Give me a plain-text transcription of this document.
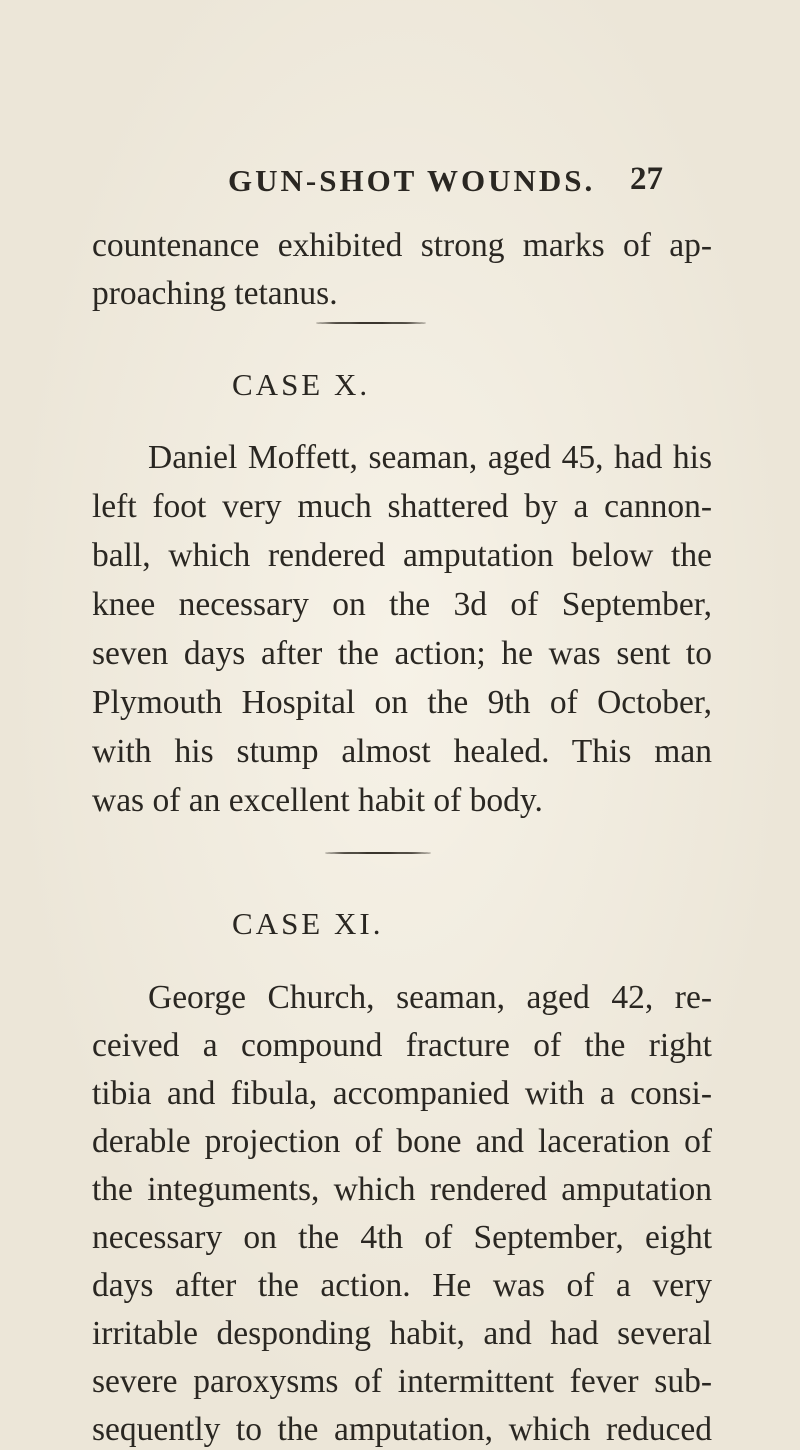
GUN-SHOT WOUNDS. 27
countenance exhibited strong marks of ap-
proaching tetanus.
CASE X.
Daniel Moffett, seaman, aged 45, had his
left foot very much shattered by a cannon-
ball, which rendered amputation below the
knee necessary on the 3d of September,
seven days after the action; he was sent to
Plymouth Hospital on the 9th of October,
with his stump almost healed. This man
was of an excellent habit of body.
CASE XI.
George Church, seaman, aged 42, re-
ceived a compound fracture of the right
tibia and fibula, accompanied with a consi-
derable projection of bone and laceration of
the integuments, which rendered amputation
necessary on the 4th of September, eight
days after the action. He was of a very
irritable desponding habit, and had several
severe paroxysms of intermittent fever sub-
sequently to the amputation, which reduced
